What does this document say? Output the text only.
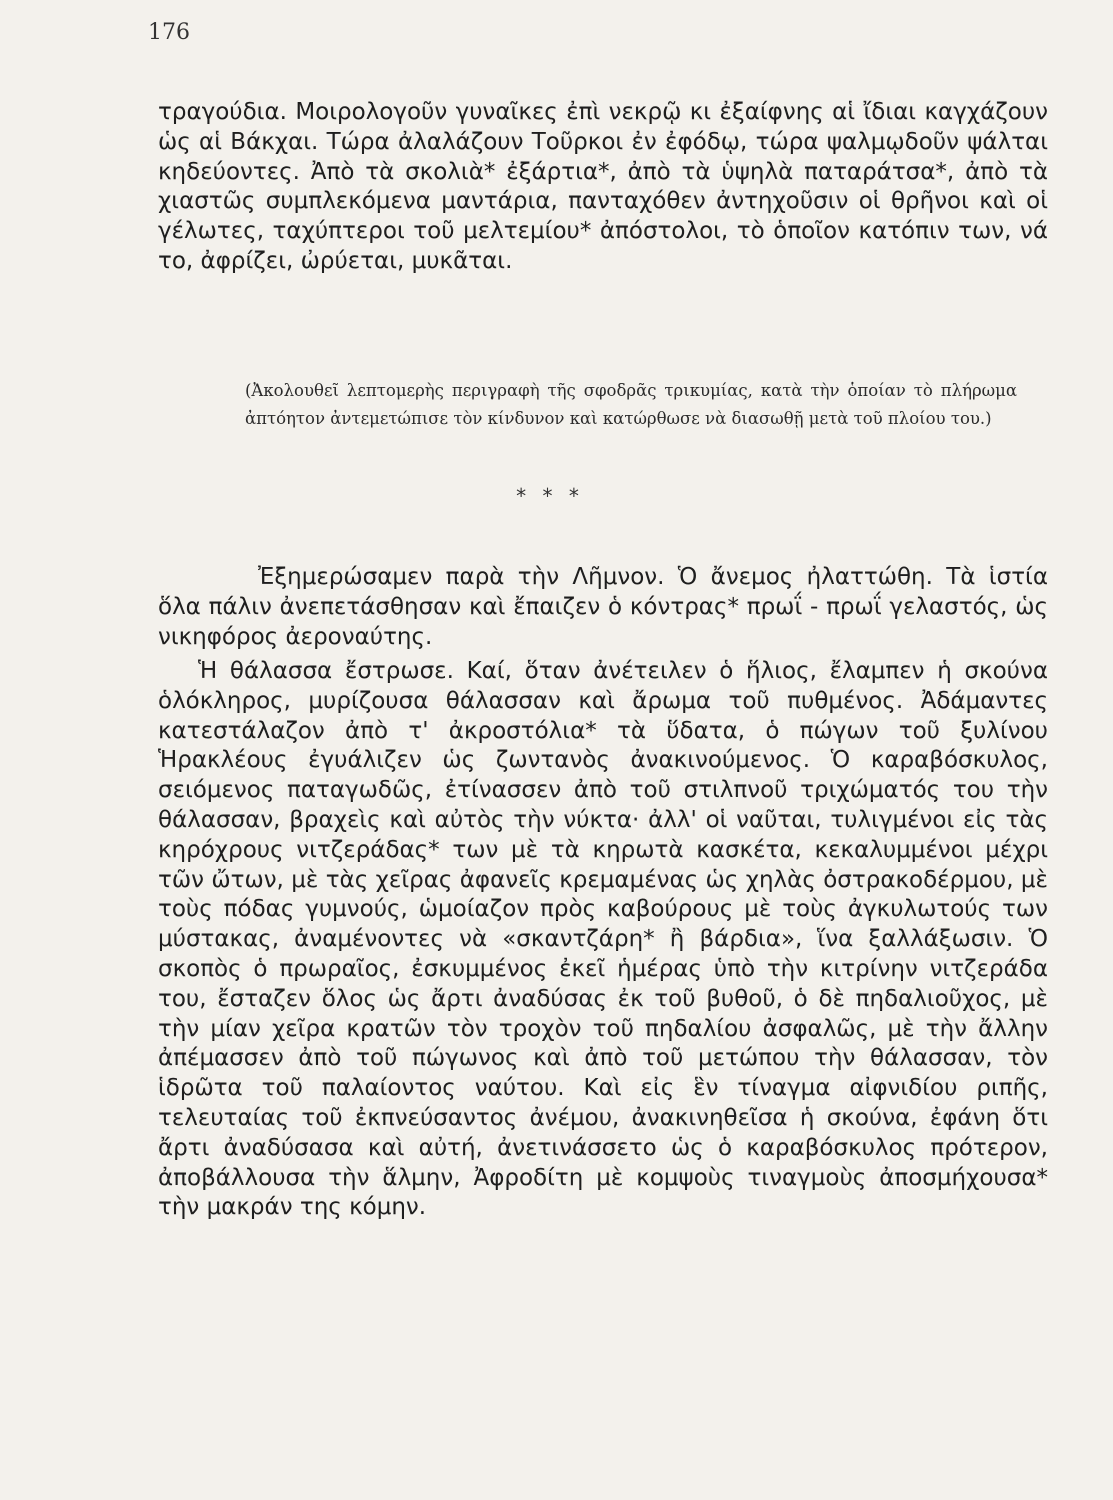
176

τραγούδια. Μοιρολογοῦν γυναῖκες ἐπὶ νεκρῷ κι ἐξαίφνης αἱ ἴδιαι καγχάζουν ὡς αἱ Βάκχαι. Τώρα ἀλαλάζουν Τοῦρκοι ἐν ἐφόδῳ, τώρα ψαλμῳδοῦν ψάλται κηδεύοντες. Ἀπὸ τὰ σκολιὰ* ἐξάρτια*, ἀπὸ τὰ ὑψηλὰ παταράτσα*, ἀπὸ τὰ χιαστῶς συμπλεκόμενα μαντάρια, πανταχόθεν ἀντηχοῦσιν οἱ θρῆνοι καὶ οἱ γέλωτες, ταχύπτεροι τοῦ μελτεμίου* ἀπόστολοι, τὸ ὁποῖον κατόπιν των, νά το, ἀφρίζει, ὠρύεται, μυκᾶται.

(Ἀκολουθεῖ λεπτομερὴς περιγραφὴ τῆς σφοδρᾶς τρικυμίας, κατὰ τὴν ὁποίαν τὸ πλήρωμα ἀπτόητον ἀντεμετώπισε τὸν κίνδυνον καὶ κατώρθωσε νὰ διασωθῇ μετὰ τοῦ πλοίου του.)

* * *

Ἐξημερώσαμεν παρὰ τὴν Λῆμνον. Ὁ ἄνεμος ἠλαττώθη. Τὰ ἱστία ὅλα πάλιν ἀνεπετάσθησαν καὶ ἔπαιζεν ὁ κόντρας* πρωΐ - πρωΐ γελαστός, ὡς νικηφόρος ἀεροναύτης.

Ἡ θάλασσα ἔστρωσε. Καί, ὅταν ἀνέτειλεν ὁ ἥλιος, ἔλαμπεν ἡ σκούνα ὁλόκληρος, μυρίζουσα θάλασσαν καὶ ἄρωμα τοῦ πυθμένος. Ἀδάμαντες κατεστάλαζον ἀπὸ τ' ἀκροστόλια* τὰ ὕδατα, ὁ πώγων τοῦ ξυλίνου Ἡρακλέους ἐγυάλιζεν ὡς ζωντανὸς ἀνακινούμενος. Ὁ καραβόσκυλος, σειόμενος παταγωδῶς, ἐτίνασσεν ἀπὸ τοῦ στιλπνοῦ τριχώματός του τὴν θάλασσαν, βραχεὶς καὶ αὐτὸς τὴν νύκτα· ἀλλ' οἱ ναῦται, τυλιγμένοι εἰς τὰς κηρόχρους νιτζεράδας* των μὲ τὰ κηρωτὰ κασκέτα, κεκαλυμμένοι μέχρι τῶν ὤτων, μὲ τὰς χεῖρας ἀφανεῖς κρεμαμένας ὡς χηλὰς ὀστρακοδέρμου, μὲ τοὺς πόδας γυμνούς, ὡμοίαζον πρὸς καβούρους μὲ τοὺς ἀγκυλωτούς των μύστακας, ἀναμένοντες νὰ «σκαντζάρη* ἢ βάρδια», ἵνα ξαλλάξωσιν. Ὁ σκοπὸς ὁ πρωραῖος, ἐσκυμμένος ἐκεῖ ἡμέρας ὑπὸ τὴν κιτρίνην νιτζεράδα του, ἔσταζεν ὅλος ὡς ἄρτι ἀναδύσας ἐκ τοῦ βυθοῦ, ὁ δὲ πηδαλιοῦχος, μὲ τὴν μίαν χεῖρα κρατῶν τὸν τροχὸν τοῦ πηδαλίου ἀσφαλῶς, μὲ τὴν ἄλλην ἀπέμασσεν ἀπὸ τοῦ πώγωνος καὶ ἀπὸ τοῦ μετώπου τὴν θάλασσαν, τὸν ἱδρῶτα τοῦ παλαίοντος ναύτου. Καὶ εἰς ἓν τίναγμα αἰφνιδίου ριπῆς, τελευταίας τοῦ ἐκπνεύσαντος ἀνέμου, ἀνακινηθεῖσα ἡ σκούνα, ἐφάνη ὅτι ἄρτι ἀναδύσασα καὶ αὐτή, ἀνετινάσσετο ὡς ὁ καραβόσκυλος πρότερον, ἀποβάλλουσα τὴν ἅλμην, Ἀφροδίτη μὲ κομψοὺς τιναγμοὺς ἀποσμήχουσα* τὴν μακράν της κόμην.
